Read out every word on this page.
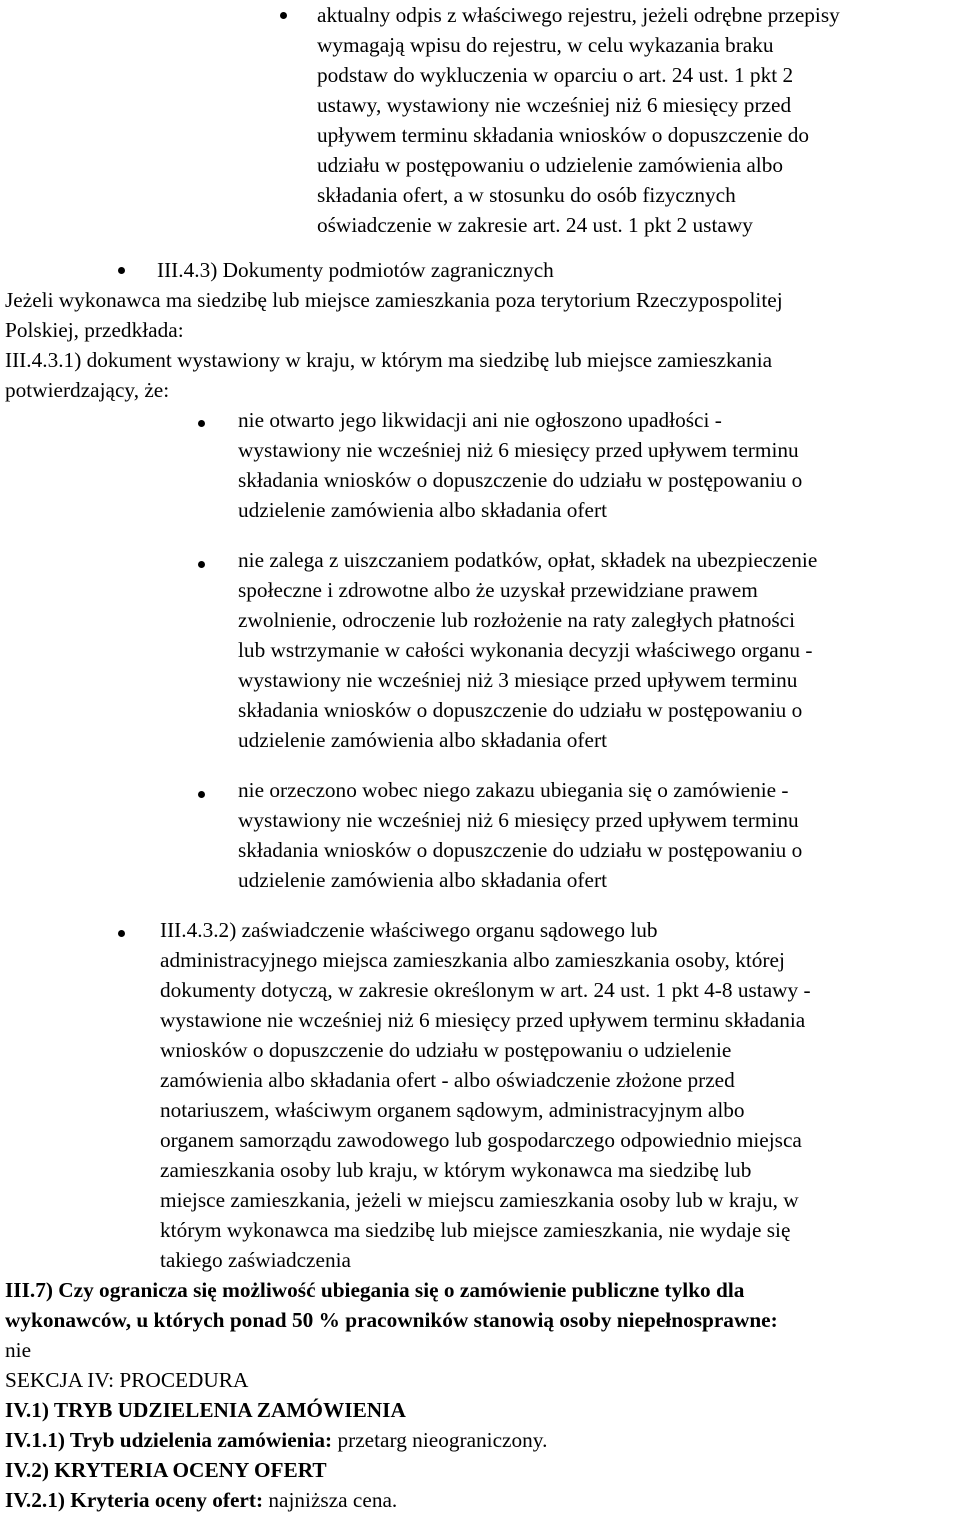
aktualny odpis z właściwego rejestru, jeżeli odrębne przepisy
wymagają wpisu do rejestru, w celu wykazania braku
podstaw do wykluczenia w oparciu o art. 24 ust. 1 pkt 2
ustawy, wystawiony nie wcześniej niż 6 miesięcy przed
upływem terminu składania wniosków o dopuszczenie do
udziału w postępowaniu o udzielenie zamówienia albo
składania ofert, a w stosunku do osób fizycznych
oświadczenie w zakresie art. 24 ust. 1 pkt 2 ustawy
III.4.3) Dokumenty podmiotów zagranicznych
Jeżeli wykonawca ma siedzibę lub miejsce zamieszkania poza terytorium Rzeczypospolitej
Polskiej, przedkłada:
III.4.3.1) dokument wystawiony w kraju, w którym ma siedzibę lub miejsce zamieszkania
potwierdzający, że:
nie otwarto jego likwidacji ani nie ogłoszono upadłości -
wystawiony nie wcześniej niż 6 miesięcy przed upływem terminu
składania wniosków o dopuszczenie do udziału w postępowaniu o
udzielenie zamówienia albo składania ofert
nie zalega z uiszczaniem podatków, opłat, składek na ubezpieczenie
społeczne i zdrowotne albo że uzyskał przewidziane prawem
zwolnienie, odroczenie lub rozłożenie na raty zaległych płatności
lub wstrzymanie w całości wykonania decyzji właściwego organu -
wystawiony nie wcześniej niż 3 miesiące przed upływem terminu
składania wniosków o dopuszczenie do udziału w postępowaniu o
udzielenie zamówienia albo składania ofert
nie orzeczono wobec niego zakazu ubiegania się o zamówienie -
wystawiony nie wcześniej niż 6 miesięcy przed upływem terminu
składania wniosków o dopuszczenie do udziału w postępowaniu o
udzielenie zamówienia albo składania ofert
III.4.3.2) zaświadczenie właściwego organu sądowego lub
administracyjnego miejsca zamieszkania albo zamieszkania osoby, której
dokumenty dotyczą, w zakresie określonym w art. 24 ust. 1 pkt 4-8 ustawy -
wystawione nie wcześniej niż 6 miesięcy przed upływem terminu składania
wniosków o dopuszczenie do udziału w postępowaniu o udzielenie
zamówienia albo składania ofert - albo oświadczenie złożone przed
notariuszem, właściwym organem sądowym, administracyjnym albo
organem samorządu zawodowego lub gospodarczego odpowiednio miejsca
zamieszkania osoby lub kraju, w którym wykonawca ma siedzibę lub
miejsce zamieszkania, jeżeli w miejscu zamieszkania osoby lub w kraju, w
którym wykonawca ma siedzibę lub miejsce zamieszkania, nie wydaje się
takiego zaświadczenia
III.7) Czy ogranicza się możliwość ubiegania się o zamówienie publiczne tylko dla
wykonawców, u których ponad 50 % pracowników stanowią osoby niepełnosprawne:
nie
SEKCJA IV: PROCEDURA
IV.1) TRYB UDZIELENIA ZAMÓWIENIA
IV.1.1) Tryb udzielenia zamówienia: przetarg nieograniczony.
IV.2) KRYTERIA OCENY OFERT
IV.2.1) Kryteria oceny ofert: najniższa cena.
